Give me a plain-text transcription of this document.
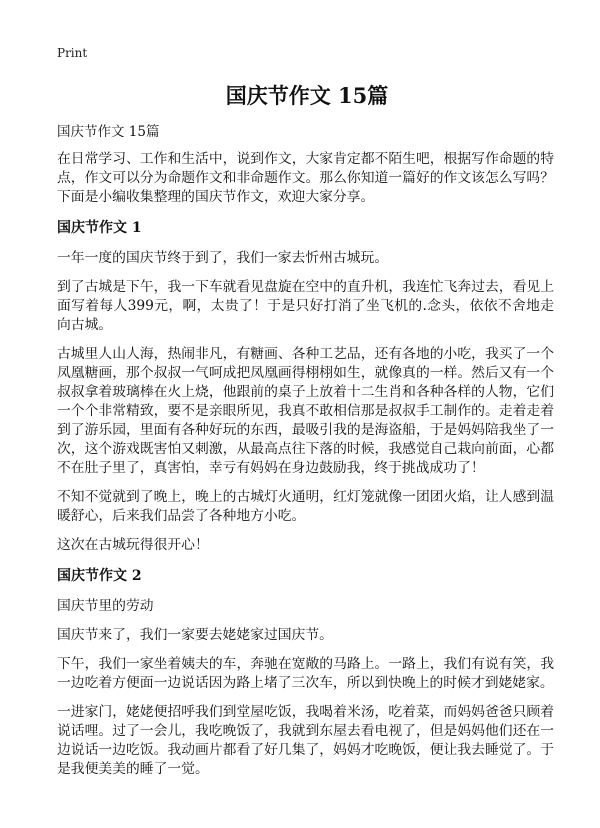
Print
国庆节作文 15篇

国庆节作文 15篇

在日常学习、工作和生活中，说到作文，大家肯定都不陌生吧，根据写作命题的特点，作文可以分为命题作文和非命题作文。那么你知道一篇好的作文该怎么写吗？下面是小编收集整理的国庆节作文，欢迎大家分享。

国庆节作文 1

一年一度的国庆节终于到了，我们一家去忻州古城玩。

到了古城是下午，我一下车就看见盘旋在空中的直升机，我连忙飞奔过去，看见上面写着每人399元，啊，太贵了！于是只好打消了坐飞机的.念头，依依不舍地走向古城。

古城里人山人海，热闹非凡，有糖画、各种工艺品，还有各地的小吃，我买了一个凤凰糖画，那个叔叔一气呵成把凤凰画得栩栩如生，就像真的一样。然后又有一个叔叔拿着玻璃棒在火上烧，他跟前的桌子上放着十二生肖和各种各样的人物，它们一个个非常精致，要不是亲眼所见，我真不敢相信那是叔叔手工制作的。走着走着到了游乐园，里面有各种好玩的东西，最吸引我的是海盗船，于是妈妈陪我坐了一次，这个游戏既害怕又刺激，从最高点往下落的时候，我感觉自己栽向前面，心都不在肚子里了，真害怕，幸亏有妈妈在身边鼓励我，终于挑战成功了！

不知不觉就到了晚上，晚上的古城灯火通明，红灯笼就像一团团火焰，让人感到温暖舒心，后来我们品尝了各种地方小吃。

这次在古城玩得很开心！

国庆节作文 2

国庆节里的劳动

国庆节来了，我们一家要去姥姥家过国庆节。

下午，我们一家坐着姨夫的车，奔驰在宽敞的马路上。一路上，我们有说有笑，我一边吃着方便面一边说话因为路上堵了三次车，所以到快晚上的时候才到姥姥家。

一进家门，姥姥便招呼我们到堂屋吃饭，我喝着米汤，吃着菜，而妈妈爸爸只顾着说话哩。过了一会儿，我吃晚饭了，我就到东屋去看电视了，但是妈妈他们还在一边说话一边吃饭。我动画片都看了好几集了，妈妈才吃晚饭，便让我去睡觉了。于是我便美美的睡了一觉。
